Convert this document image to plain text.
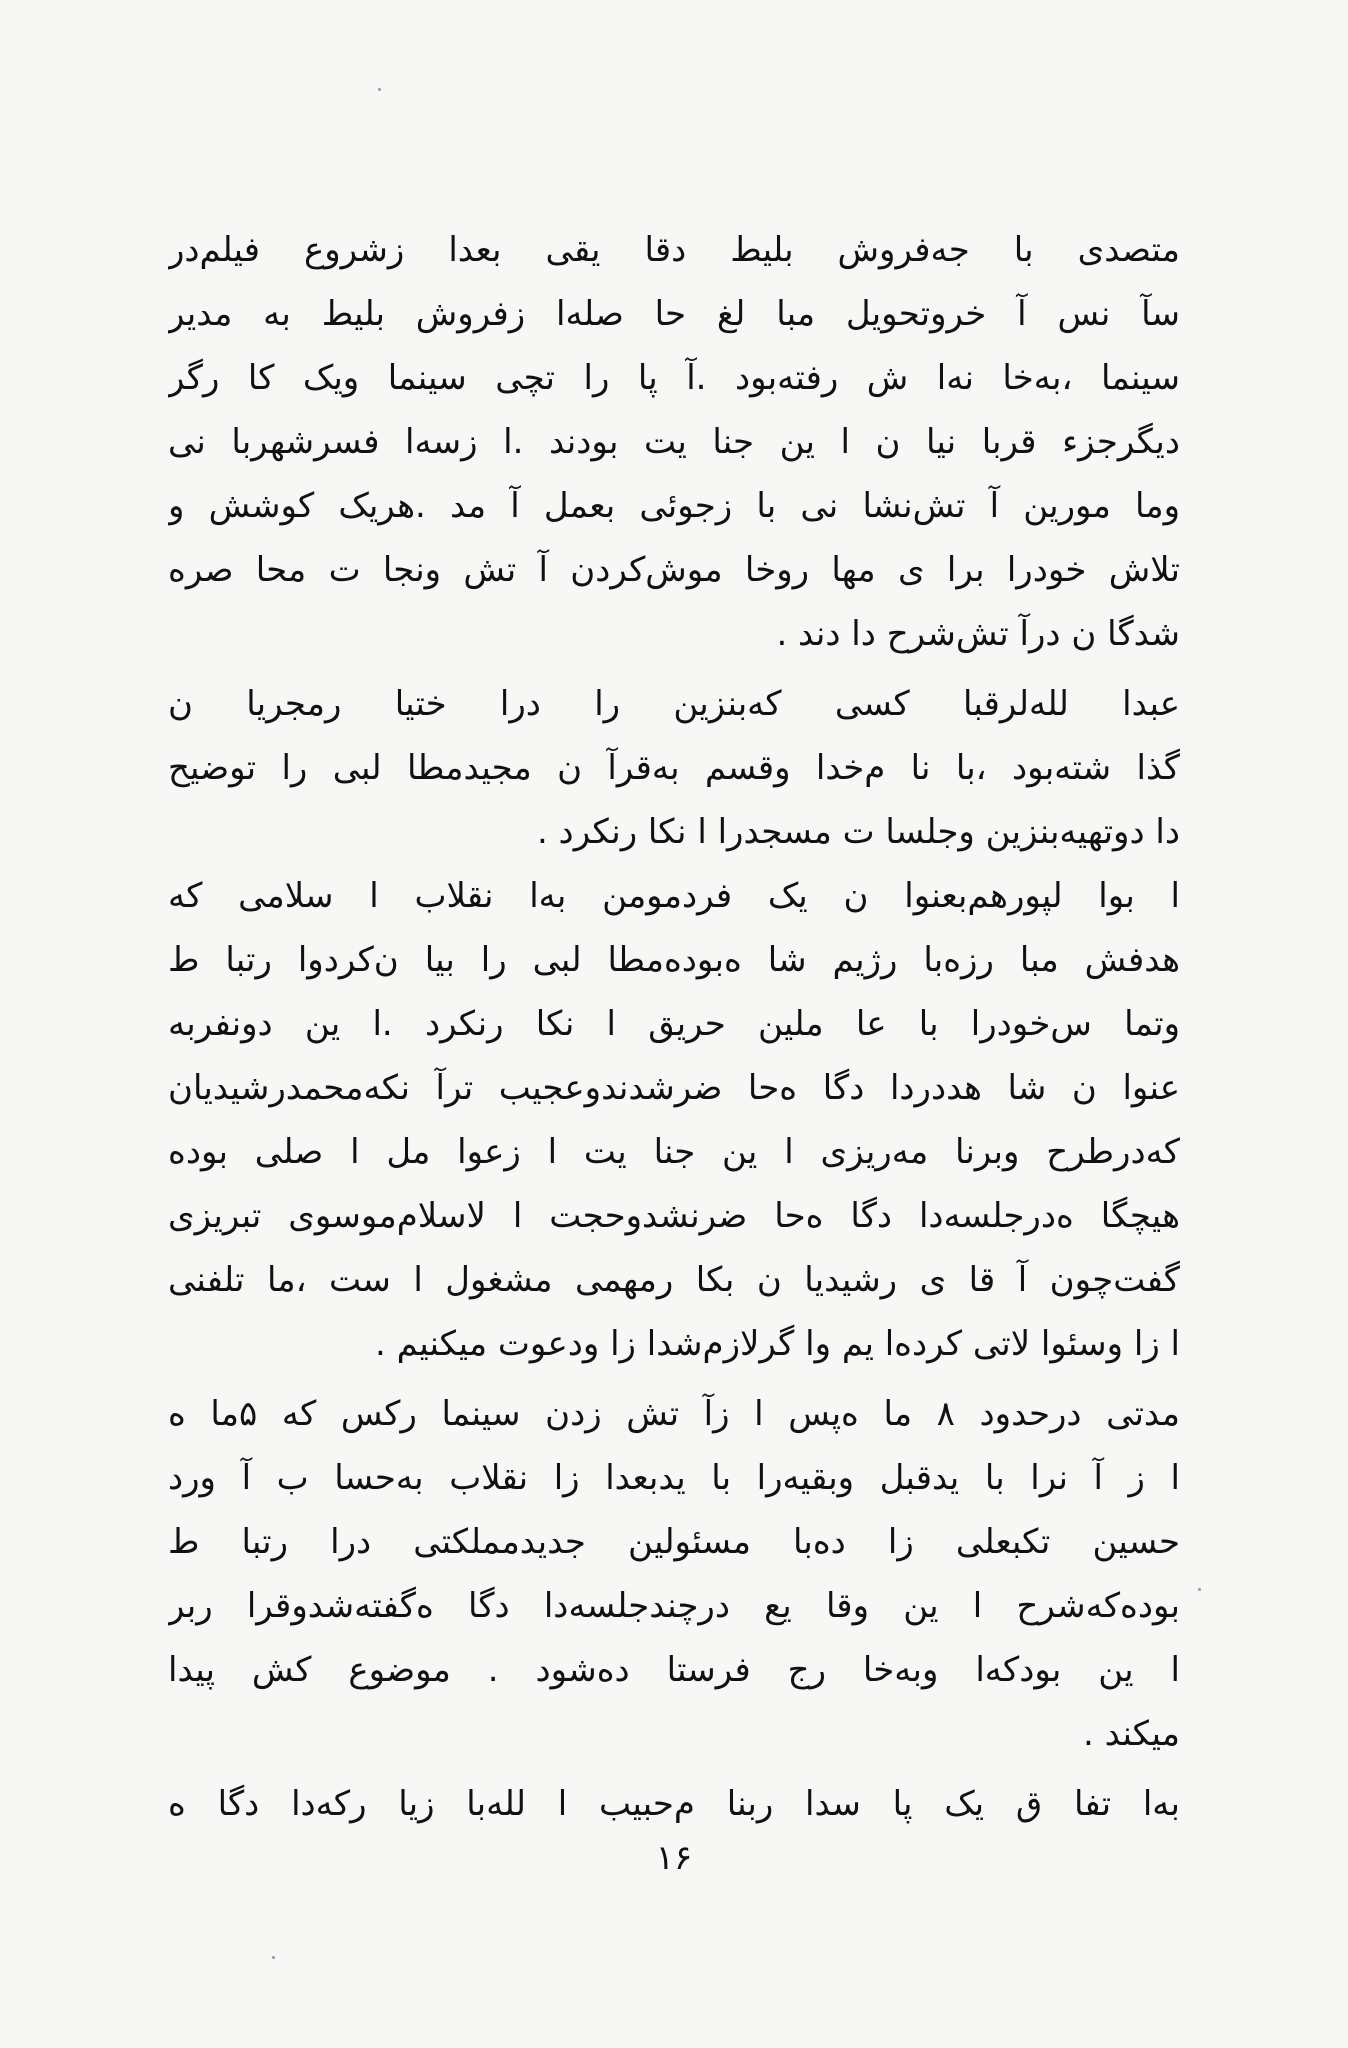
متصدی با جه‌فروش بلیط دقا یقی بعدا زشروع فیلم‌در
سآ نس آ خروتحویل مبا لغ حا صله‌ا زفروش بلیط به مدیر
سینما ،به‌خا نه‌ا ش رفته‌بود .آ پا را تچی سینما ویک کا رگر
دیگرجزء قربا نیا ن ا ین جنا یت بودند .ا زسه‌ا فسرشهربا نی
وما مورین آ تش‌نشا نی با زجوئی بعمل آ مد .هریک کوشش و
تلاش خودرا برا ی مها روخا موش‌کردن آ تش ونجا ت محا صره
شدگا ن درآ تش‌شرح دا دند .
عبدا لله‌لرقبا کسی که‌بنزین را درا ختیا رمجریا ن
گذا شته‌بود ،با نا م‌خدا وقسم به‌قرآ ن مجیدمطا لبی را توضیح
دا دوتهیه‌بنزین وجلسا ت مسجدرا ا نکا رنکرد .
ا بوا لپورهم‌بعنوا ن یک فردمومن به‌ا نقلاب ا سلامی که
هدفش مبا رزه‌با رژیم شا ه‌بوده‌مطا لبی را بیا ن‌کردوا رتبا ط
وتما س‌خودرا با عا ملین حریق ا نکا رنکرد .ا ین دونفربه
عنوا ن شا هددردا دگا ه‌حا ضرشدندوعجیب ترآ نکه‌محمدرشیدیان
که‌درطرح وبرنا مه‌ریزی ا ین جنا یت ا زعوا مل ا صلی بوده
هیچگا ه‌درجلسه‌دا دگا ه‌حا ضرنشدوحجت ا لاسلام‌موسوی تبریزی
گفت‌چون آ قا ی رشیدیا ن بکا رمهمی مشغول ا ست ،ما تلفنی
ا زا وسئوا لاتی کرده‌ا یم وا گرلازم‌شدا زا ودعوت میکنیم .
مدتی درحدود ۸ ما ه‌پس ا زآ تش زدن سینما رکس که ۵ما ه
ا ز آ نرا با یدقبل وبقیه‌را با یدبعدا زا نقلاب به‌حسا ب آ ورد
حسین تکبعلی زا ده‌با مسئولین جدیدمملکتی درا رتبا ط
بوده‌که‌شرح ا ین وقا یع درچندجلسه‌دا دگا ه‌گفته‌شدوقرا ربر
ا ین بودکه‌ا وبه‌خا رج فرستا ده‌شود . موضوع کش پیدا
میکند .
به‌ا تفا ق یک پا سدا ربنا م‌حبیب ا لله‌با زیا رکه‌دا دگا ه
۱۶
